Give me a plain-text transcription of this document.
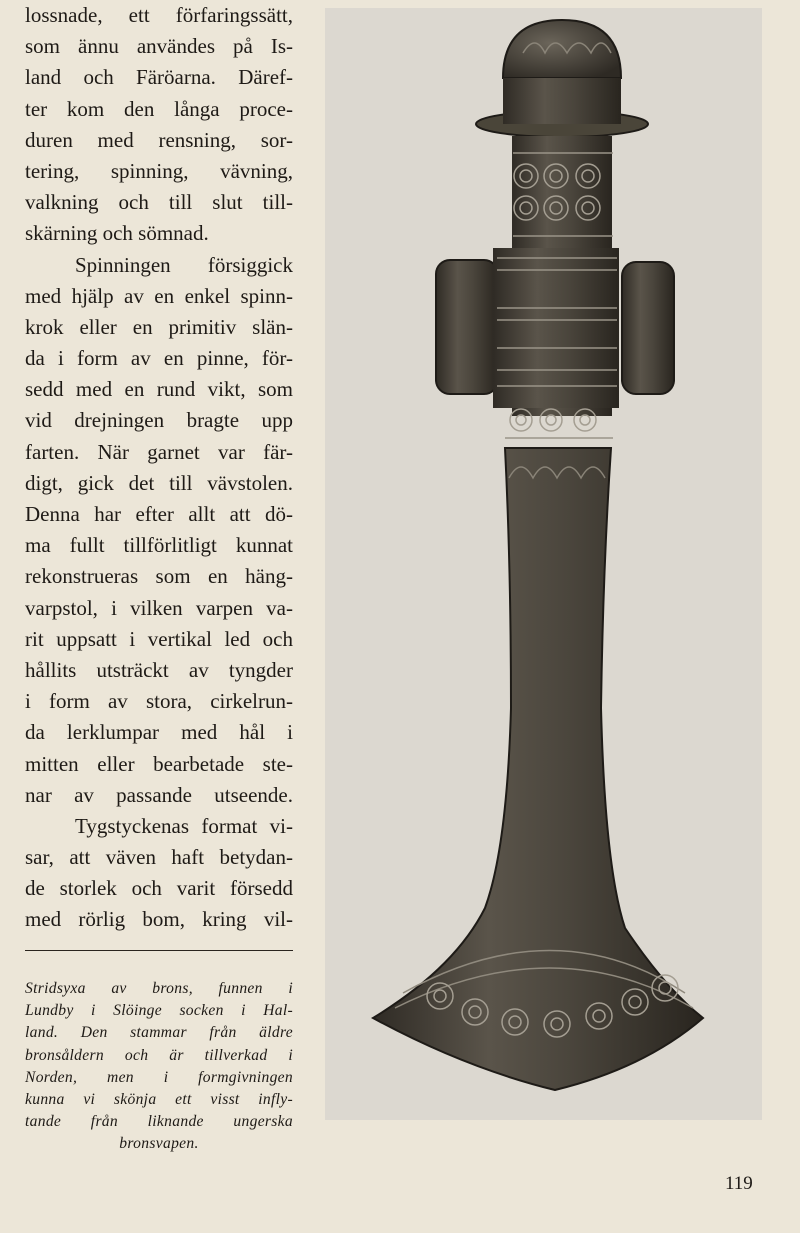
lossnade, ett förfaringssätt,
som ännu användes på Is-
land och Färöarna. Däref-
ter kom den långa proce-
duren med rensning, sor-
tering, spinning, vävning,
valkning och till slut till-
skärning och sömnad.
Spinningen försiggick
med hjälp av en enkel spinn-
krok eller en primitiv slän-
da i form av en pinne, för-
sedd med en rund vikt, som
vid drejningen bragte upp
farten. När garnet var fär-
digt, gick det till vävstolen.
Denna har efter allt att dö-
ma fullt tillförlitligt kunnat
rekonstrueras som en häng-
varpstol, i vilken varpen va-
rit uppsatt i vertikal led och
hållits utsträckt av tyngder
i form av stora, cirkelrun-
da lerklumpar med hål i
mitten eller bearbetade ste-
nar av passande utseende.
Tygstyckenas format vi-
sar, att väven haft betydan-
de storlek och varit försedd
med rörlig bom, kring vil-
Stridsyxa av brons, funnen i
Lundby i Slöinge socken i Hal-
land. Den stammar från äldre
bronsåldern och är tillverkad i
Norden, men i formgivningen
kunna vi skönja ett visst infly-
tande från liknande ungerska
bronsvapen.
119
